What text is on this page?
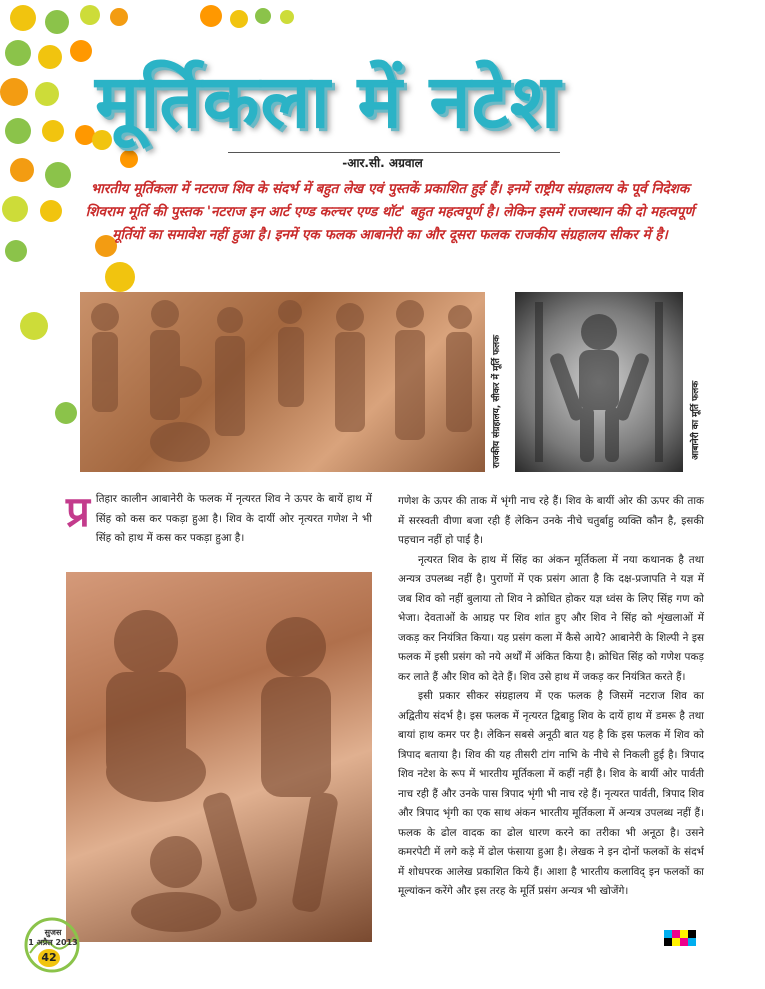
मूर्तिकला में नटेश
-आर.सी. अग्रवाल
भारतीय मूर्तिकला में नटराज शिव के संदर्भ में बहुत लेख एवं पुस्तकें प्रकाशित हुई हैं। इनमें राष्ट्रीय संग्रहालय के पूर्व निदेशक शिवराम मूर्ति की पुस्तक 'नटराज इन आर्ट एण्ड कल्चर एण्ड थॉट' बहुत महत्वपूर्ण है। लेकिन इसमें राजस्थान की दो महत्वपूर्ण मूर्तियों का समावेश नहीं हुआ है। इनमें एक फलक आबानेरी का और दूसरा फलक राजकीय संग्रहालय सीकर में है।
राजकीय संग्रहालय, सीकर में मूर्ति फलक	आबानेरी का मूर्ति फलक

प्र तिहार कालीन आबानेरी के फलक में नृत्यरत शिव ने ऊपर के बायें हाथ में सिंह को कस कर पकड़ा हुआ है। शिव के दायीं ओर नृत्यरत गणेश ने भी सिंह को हाथ में कस कर पकड़ा हुआ है।

गणेश के ऊपर की ताक में भृंगी नाच रहे हैं। शिव के बायीं ओर की ऊपर की ताक में सरस्वती वीणा बजा रही हैं लेकिन उनके नीचे चतुर्बाहु व्यक्ति कौन है, इसकी पहचान नहीं हो पाई है।

नृत्यरत शिव के हाथ में सिंह का अंकन मूर्तिकला में नया कथानक है तथा अन्यत्र उपलब्ध नहीं है। पुराणों में एक प्रसंग आता है कि दक्ष-प्रजापति ने यज्ञ में जब शिव को नहीं बुलाया तो शिव ने क्रोधित होकर यज्ञ ध्वंस के लिए सिंह गण को भेजा। देवताओं के आग्रह पर शिव शांत हुए और शिव ने सिंह को शृंखलाओं में जकड़ कर नियंत्रित किया। यह प्रसंग कला में कैसे आये? आबानेरी के शिल्पी ने इस फलक में इसी प्रसंग को नये अर्थों में अंकित किया है। क्रोधित सिंह को गणेश पकड़ कर लाते हैं और शिव को देते हैं। शिव उसे हाथ में जकड़ कर नियंत्रित करते हैं।

इसी प्रकार सीकर संग्रहालय में एक फलक है जिसमें नटराज शिव का अद्वितीय संदर्भ है। इस फलक में नृत्यरत द्विबाहु शिव के दायें हाथ में डमरू है तथा बायां हाथ कमर पर है। लेकिन सबसे अनूठी बात यह है कि इस फलक में शिव को त्रिपाद बताया है। शिव की यह तीसरी टांग नाभि के नीचे से निकली हुई है। त्रिपाद शिव नटेश के रूप में भारतीय मूर्तिकला में कहीं नहीं है। शिव के बायीं ओर पार्वती नाच रही हैं और उनके पास त्रिपाद भृंगी भी नाच रहे हैं। नृत्यरत पार्वती, त्रिपाद शिव और त्रिपाद भृंगी का एक साथ अंकन भारतीय मूर्तिकला में अन्यत्र उपलब्ध नहीं हैं। फलक के ढोल वादक का ढोल धारण करने का तरीका भी अनूठा है। उसने कमरपेटी में लगे कड़े में ढोल फंसाया हुआ है। लेखक ने इन दोनों फलकों के संदर्भ में शोधपरक आलेख प्रकाशित किये हैं। आशा है भारतीय कलाविद् इन फलकों का मूल्यांकन करेंगे और इस तरह के मूर्ति प्रसंग अन्यत्र भी खोजेंगे।

सुजस
1 अप्रैल 2013
42
